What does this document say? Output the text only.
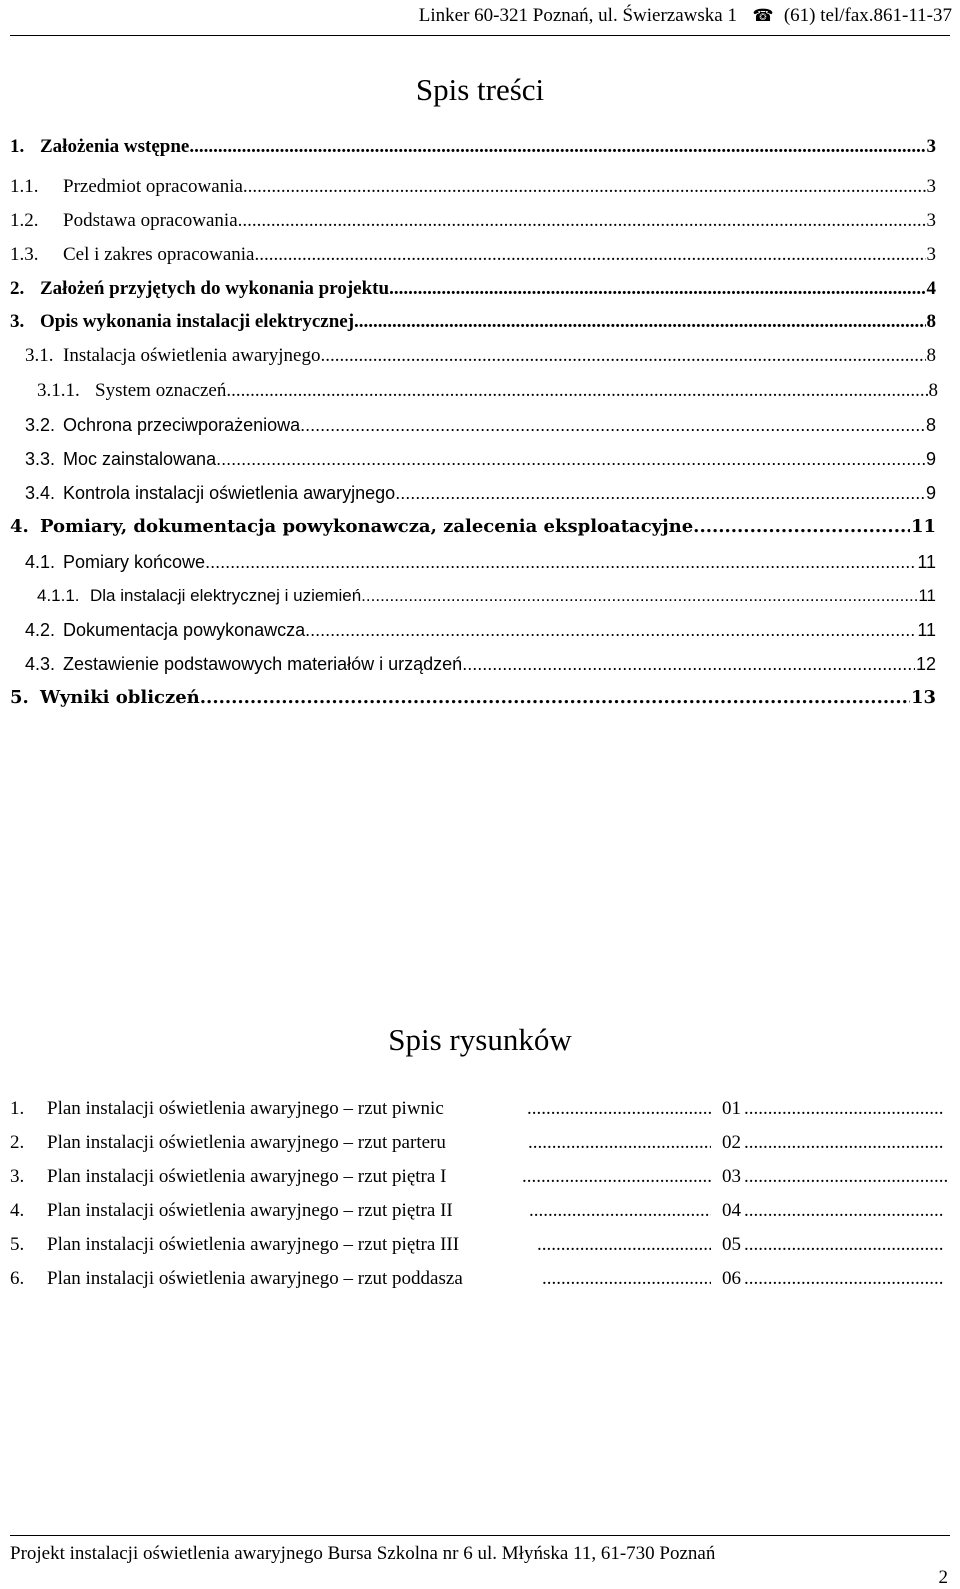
Linker 60-321 Poznań, ul. Świerzawska 1   ☎  (61) tel/fax.861-11-37
Spis treści
1. Założenia wstępne .....	3
1.1.	Przedmiot opracowania .....	3
1.2.	Podstawa opracowania .....	3
1.3.	Cel i zakres opracowania .....	3
2. Założeń przyjętych do wykonania projektu .....	4
3. Opis wykonania instalacji elektrycznej .....	8
3.1. Instalacja oświetlenia awaryjnego. .....	8
3.1.1. System oznaczeń .....	8
3.2. Ochrona przeciwporażeniowa .....	8
3.3. Moc zainstalowana .....	9
3.4. Kontrola instalacji oświetlenia awaryjnego .....	9
4. Pomiary, dokumentacja powykonawcza, zalecenia eksploatacyjne .....	11
4.1. Pomiary końcowe .....	11
4.1.1. Dla instalacji elektrycznej i uziemień .....	11
4.2. Dokumentacja powykonawcza .....	11
4.3. Zestawienie podstawowych materiałów i urządzeń .....	12
5. Wyniki obliczeń .....	13
Spis rysunków
1. Plan instalacji oświetlenia awaryjnego – rzut piwnic .....	01
.....
2. Plan instalacji oświetlenia awaryjnego – rzut parteru .....	02
.....
3. Plan instalacji oświetlenia awaryjnego – rzut piętra I .....	03
.....
4. Plan instalacji oświetlenia awaryjnego – rzut piętra II .....	04
.....
5. Plan instalacji oświetlenia awaryjnego – rzut piętra III .....	05
.....
6. Plan instalacji oświetlenia awaryjnego – rzut poddasza .....	06
.....
Projekt instalacji oświetlenia awaryjnego Bursa Szkolna nr 6 ul. Młyńska 11, 61-730 Poznań
2
